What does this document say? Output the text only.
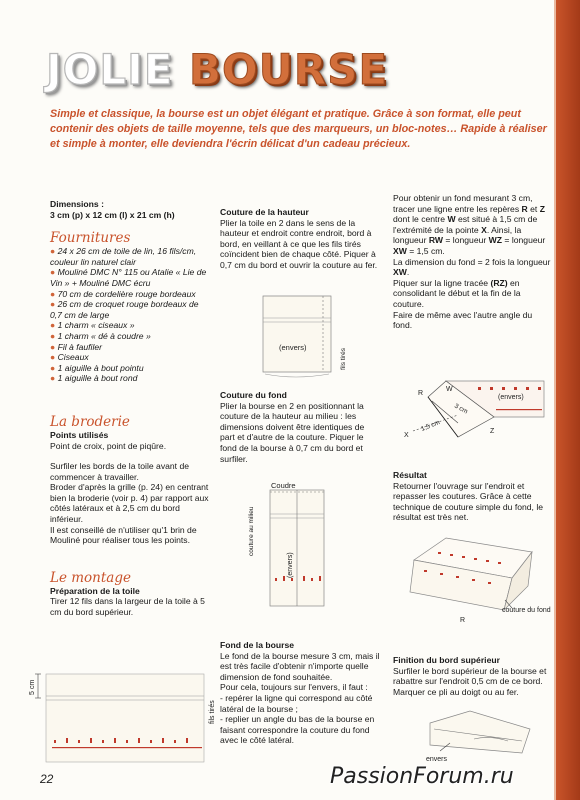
JOLIE BOURSE
Simple et classique, la bourse est un objet élégant et pratique. Grâce à son format, elle peut contenir des objets de taille moyenne, tels que des marqueurs, un bloc-notes… Rapide à réaliser et simple à monter, elle deviendra l'écrin délicat d'un cadeau précieux.

Dimensions :

3 cm (p) x 12 cm (l) x 21 cm (h)

Fournitures

● 24 x 26 cm de toile de lin, 16 fils/cm, couleur lin naturel clair

● Mouliné DMC N° 115 ou Atalie « Lie de Vin » + Mouliné DMC écru

● 70 cm de cordelière rouge bordeaux

● 26 cm de croquet rouge bordeaux de 0,7 cm de large

● 1 charm « ciseaux »

● 1 charm « dé à coudre »

● Fil à faufiler

● Ciseaux

● 1 aiguille à bout pointu

● 1 aiguille à bout rond

La broderie

Points utilisés

Point de croix, point de piqûre.

Surfiler les bords de la toile avant de commencer à travailler.

Broder d'après la grille (p. 24) en centrant bien la broderie (voir p. 4) par rapport aux côtés latéraux et à 2,5 cm du bord inférieur.

Il est conseillé de n'utiliser qu'1 brin de Mouliné pour réaliser tous les points.

Le montage

Préparation de la toile

Tirer 12 fils dans la largeur de la toile à 5 cm du bord supérieur.

5 cm
fils tirés

Couture de la hauteur

Plier la toile en 2 dans le sens de la hauteur et endroit contre endroit, bord à bord, en veillant à ce que les fils tirés coïncident bien de chaque côté. Piquer à 0,7 cm du bord et ouvrir la couture au fer.

(envers)
fils tirés

Couture du fond

Plier la bourse en 2 en positionnant la couture de la hauteur au milieu : les dimensions doivent être identiques de part et d'autre de la couture. Piquer le fond de la bourse à 0,7 cm du bord et surfiler.

Coudre
couture au milieu
(envers)

Fond de la bourse

Le fond de la bourse mesure 3 cm, mais il est très facile d'obtenir n'importe quelle dimension de fond souhaitée.

Pour cela, toujours sur l'envers, il faut :

- repérer la ligne qui correspond au côté latéral de la bourse ;

- replier un angle du bas de la bourse en faisant correspondre la couture du fond avec le côté latéral.

Pour obtenir un fond mesurant 3 cm, tracer une ligne entre les repères R et Z dont le centre W est situé à 1,5 cm de l'extrémité de la pointe X. Ainsi, la longueur RW = longueur WZ = longueur XW = 1,5 cm.

La dimension du fond = 2 fois la longueur XW.

Piquer sur la ligne tracée (RZ) en consolidant le début et la fin de la couture.

Faire de même avec l'autre angle du fond.

R
W
X
Z
3 cm
1,5 cm
(envers)

Résultat

Retourner l'ouvrage sur l'endroit et repasser les coutures. Grâce à cette technique de couture simple du fond, le résultat est très net.

R
couture du fond

Finition du bord supérieur

Surfiler le bord supérieur de la bourse et rabattre sur l'endroit 0,5 cm de ce bord. Marquer ce pli au doigt ou au fer.

envers
22	PassionForum.ru
